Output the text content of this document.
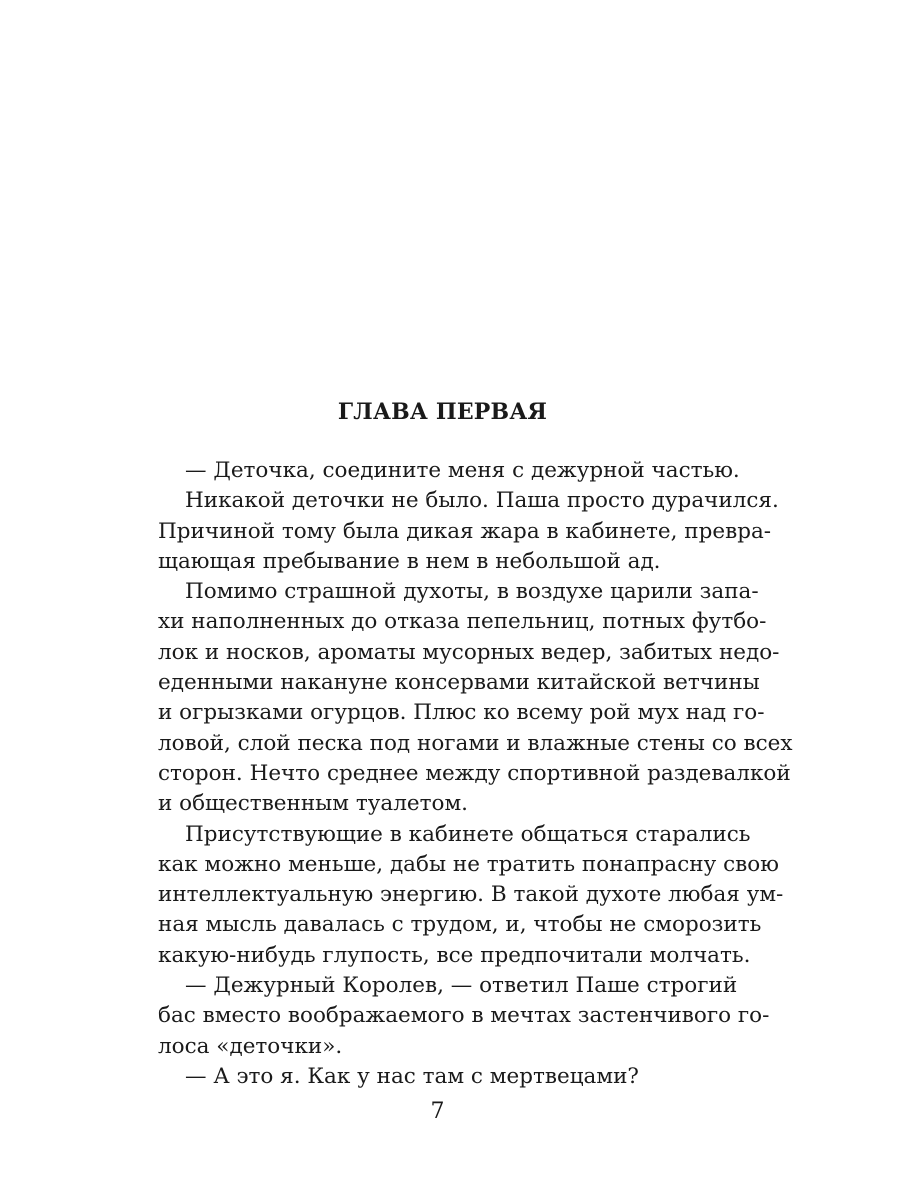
ГЛАВА ПЕРВАЯ
— Деточка, соедините меня с дежурной частью.
Никакой деточки не было. Паша просто дурачился.
Причиной тому была дикая жара в кабинете, превра-
щающая пребывание в нем в небольшой ад.
Помимо страшной духоты, в воздухе царили запа-
хи наполненных до отказа пепельниц, потных футбо-
лок и носков, ароматы мусорных ведер, забитых недо-
еденными накануне консервами китайской ветчины
и огрызками огурцов. Плюс ко всему рой мух над го-
ловой, слой песка под ногами и влажные стены со всех
сторон. Нечто среднее между спортивной раздевалкой
и общественным туалетом.
Присутствующие в кабинете общаться старались
как можно меньше, дабы не тратить понапрасну свою
интеллектуальную энергию. В такой духоте любая ум-
ная мысль давалась с трудом, и, чтобы не сморозить
какую-нибудь глупость, все предпочитали молчать.
— Дежурный Королев, — ответил Паше строгий
бас вместо воображаемого в мечтах застенчивого го-
лоса «деточки».
— А это я. Как у нас там с мертвецами?
7
